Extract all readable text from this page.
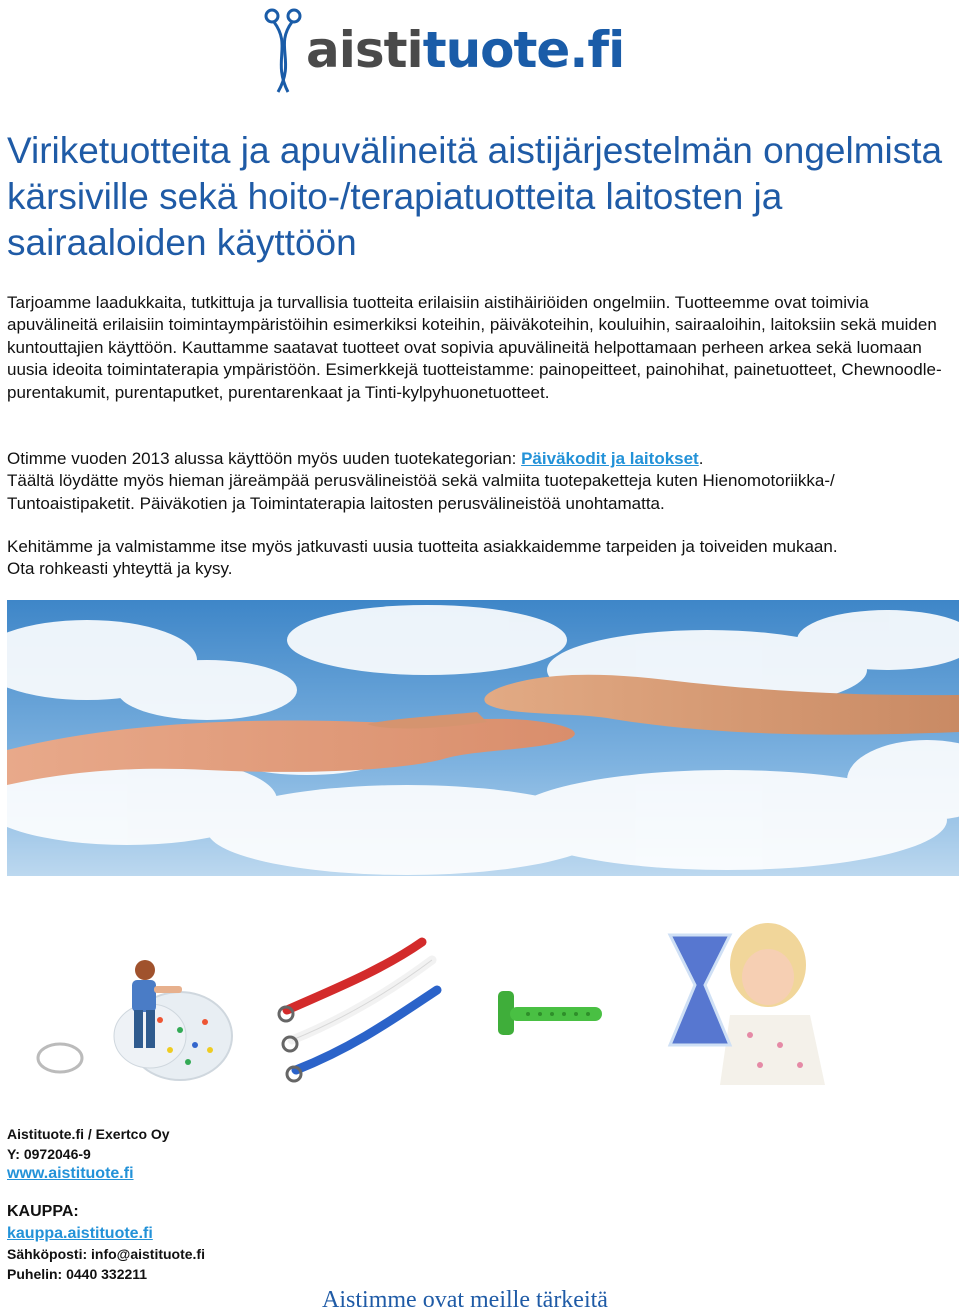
aistituote.fi
Viriketuotteita ja apuvälineitä aistijärjestelmän ongelmista kärsiville sekä hoito-/terapiatuotteita laitosten ja sairaaloiden käyttöön

Tarjoamme laadukkaita, tutkittuja ja turvallisia tuotteita erilaisiin aistihäiriöiden ongelmiin. Tuotteemme ovat toimivia apuvälineitä erilaisiin toimintaympäristöihin esimerkiksi koteihin, päiväkoteihin, kouluihin, sairaaloihin, laitoksiin sekä muiden kuntouttajien käyttöön. Kauttamme saatavat tuotteet ovat sopivia apuvälineitä helpottamaan perheen arkea sekä luomaan uusia ideoita toimintaterapia ympäristöön. Esimerkkejä tuotteistamme: painopeitteet, painohihat, painetuotteet, Chewnoodle-purentakumit, purentaputket, purentarenkaat ja Tinti-kylpyhuonetuotteet.

Otimme vuoden 2013 alussa käyttöön myös uuden tuotekategorian: Päiväkodit ja laitokset.
Täältä löydätte myös hieman järeämpää perusvälineistöä sekä valmiita tuotepaketteja kuten Hienomotoriikka-/ Tuntoaistipaketit. Päiväkotien ja Toimintaterapia laitosten perusvälineistöä unohtamatta.

Kehitämme ja valmistamme itse myös jatkuvasti uusia tuotteita asiakkaidemme tarpeiden ja toiveiden mukaan.
Ota rohkeasti yhteyttä ja kysy.

Aistituote.fi / Exertco Oy

Y: 0972046-9

www.aistituote.fi

KAUPPA:

kauppa.aistituote.fi

Sähköposti: info@aistituote.fi

Puhelin: 0440 332211

Aistimme ovat meille tärkeitä
